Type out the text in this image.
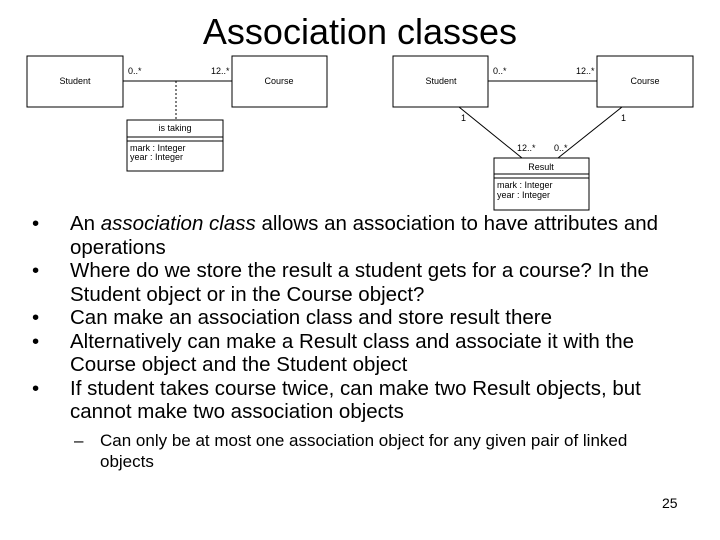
Association classes
Student	Course
0..*	12..*
is taking
mark : Integer
year : Integer
Student	Course
0..*	12..*
Result
mark : Integer
year : Integer
1	1
12..* 0..*
• An association class allows an association to have attributes and operations
• Where do we store the result a student gets for a course? In the Student object or in the Course object?
• Can make an association class and store result there
• Alternatively can make a Result class and associate it with the Course object and the Student object
• If student takes course twice, can make two Result objects, but cannot make two association objects
– Can only be at most one association object for any given pair of linked objects
25
